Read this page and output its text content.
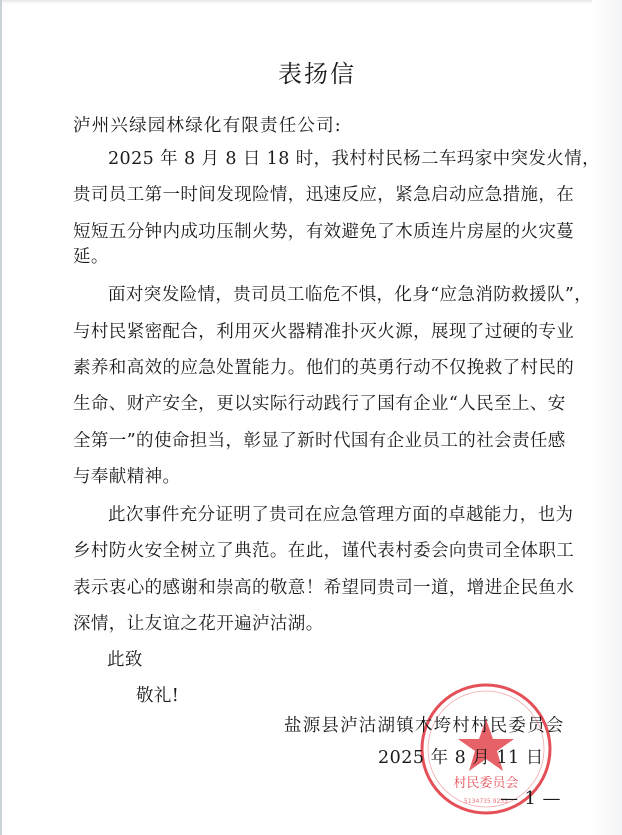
表扬信
泸州兴绿园林绿化有限责任公司:
2025 年 8 月 8 日 18 时，我村村民杨二车玛家中突发火情，
贵司员工第一时间发现险情，迅速反应，紧急启动应急措施，在
短短五分钟内成功压制火势，有效避免了木质连片房屋的火灾蔓
延。
面对突发险情，贵司员工临危不惧，化身“应急消防救援队”，
与村民紧密配合，利用灭火器精准扑灭火源，展现了过硬的专业
素养和高效的应急处置能力。他们的英勇行动不仅挽救了村民的
生命、财产安全，更以实际行动践行了国有企业“人民至上、安
全第一”的使命担当，彰显了新时代国有企业员工的社会责任感
与奉献精神。
此次事件充分证明了贵司在应急管理方面的卓越能力，也为
乡村防火安全树立了典范。在此，谨代表村委会向贵司全体职工
表示衷心的感谢和崇高的敬意！希望同贵司一道，增进企民鱼水
深情，让友谊之花开遍泸沽湖。
此致
敬礼!
村民委员会
5134735 9233
盐源县泸沽湖镇木垮村村民委员会
2025 年 8 月 11 日
— 1 —
